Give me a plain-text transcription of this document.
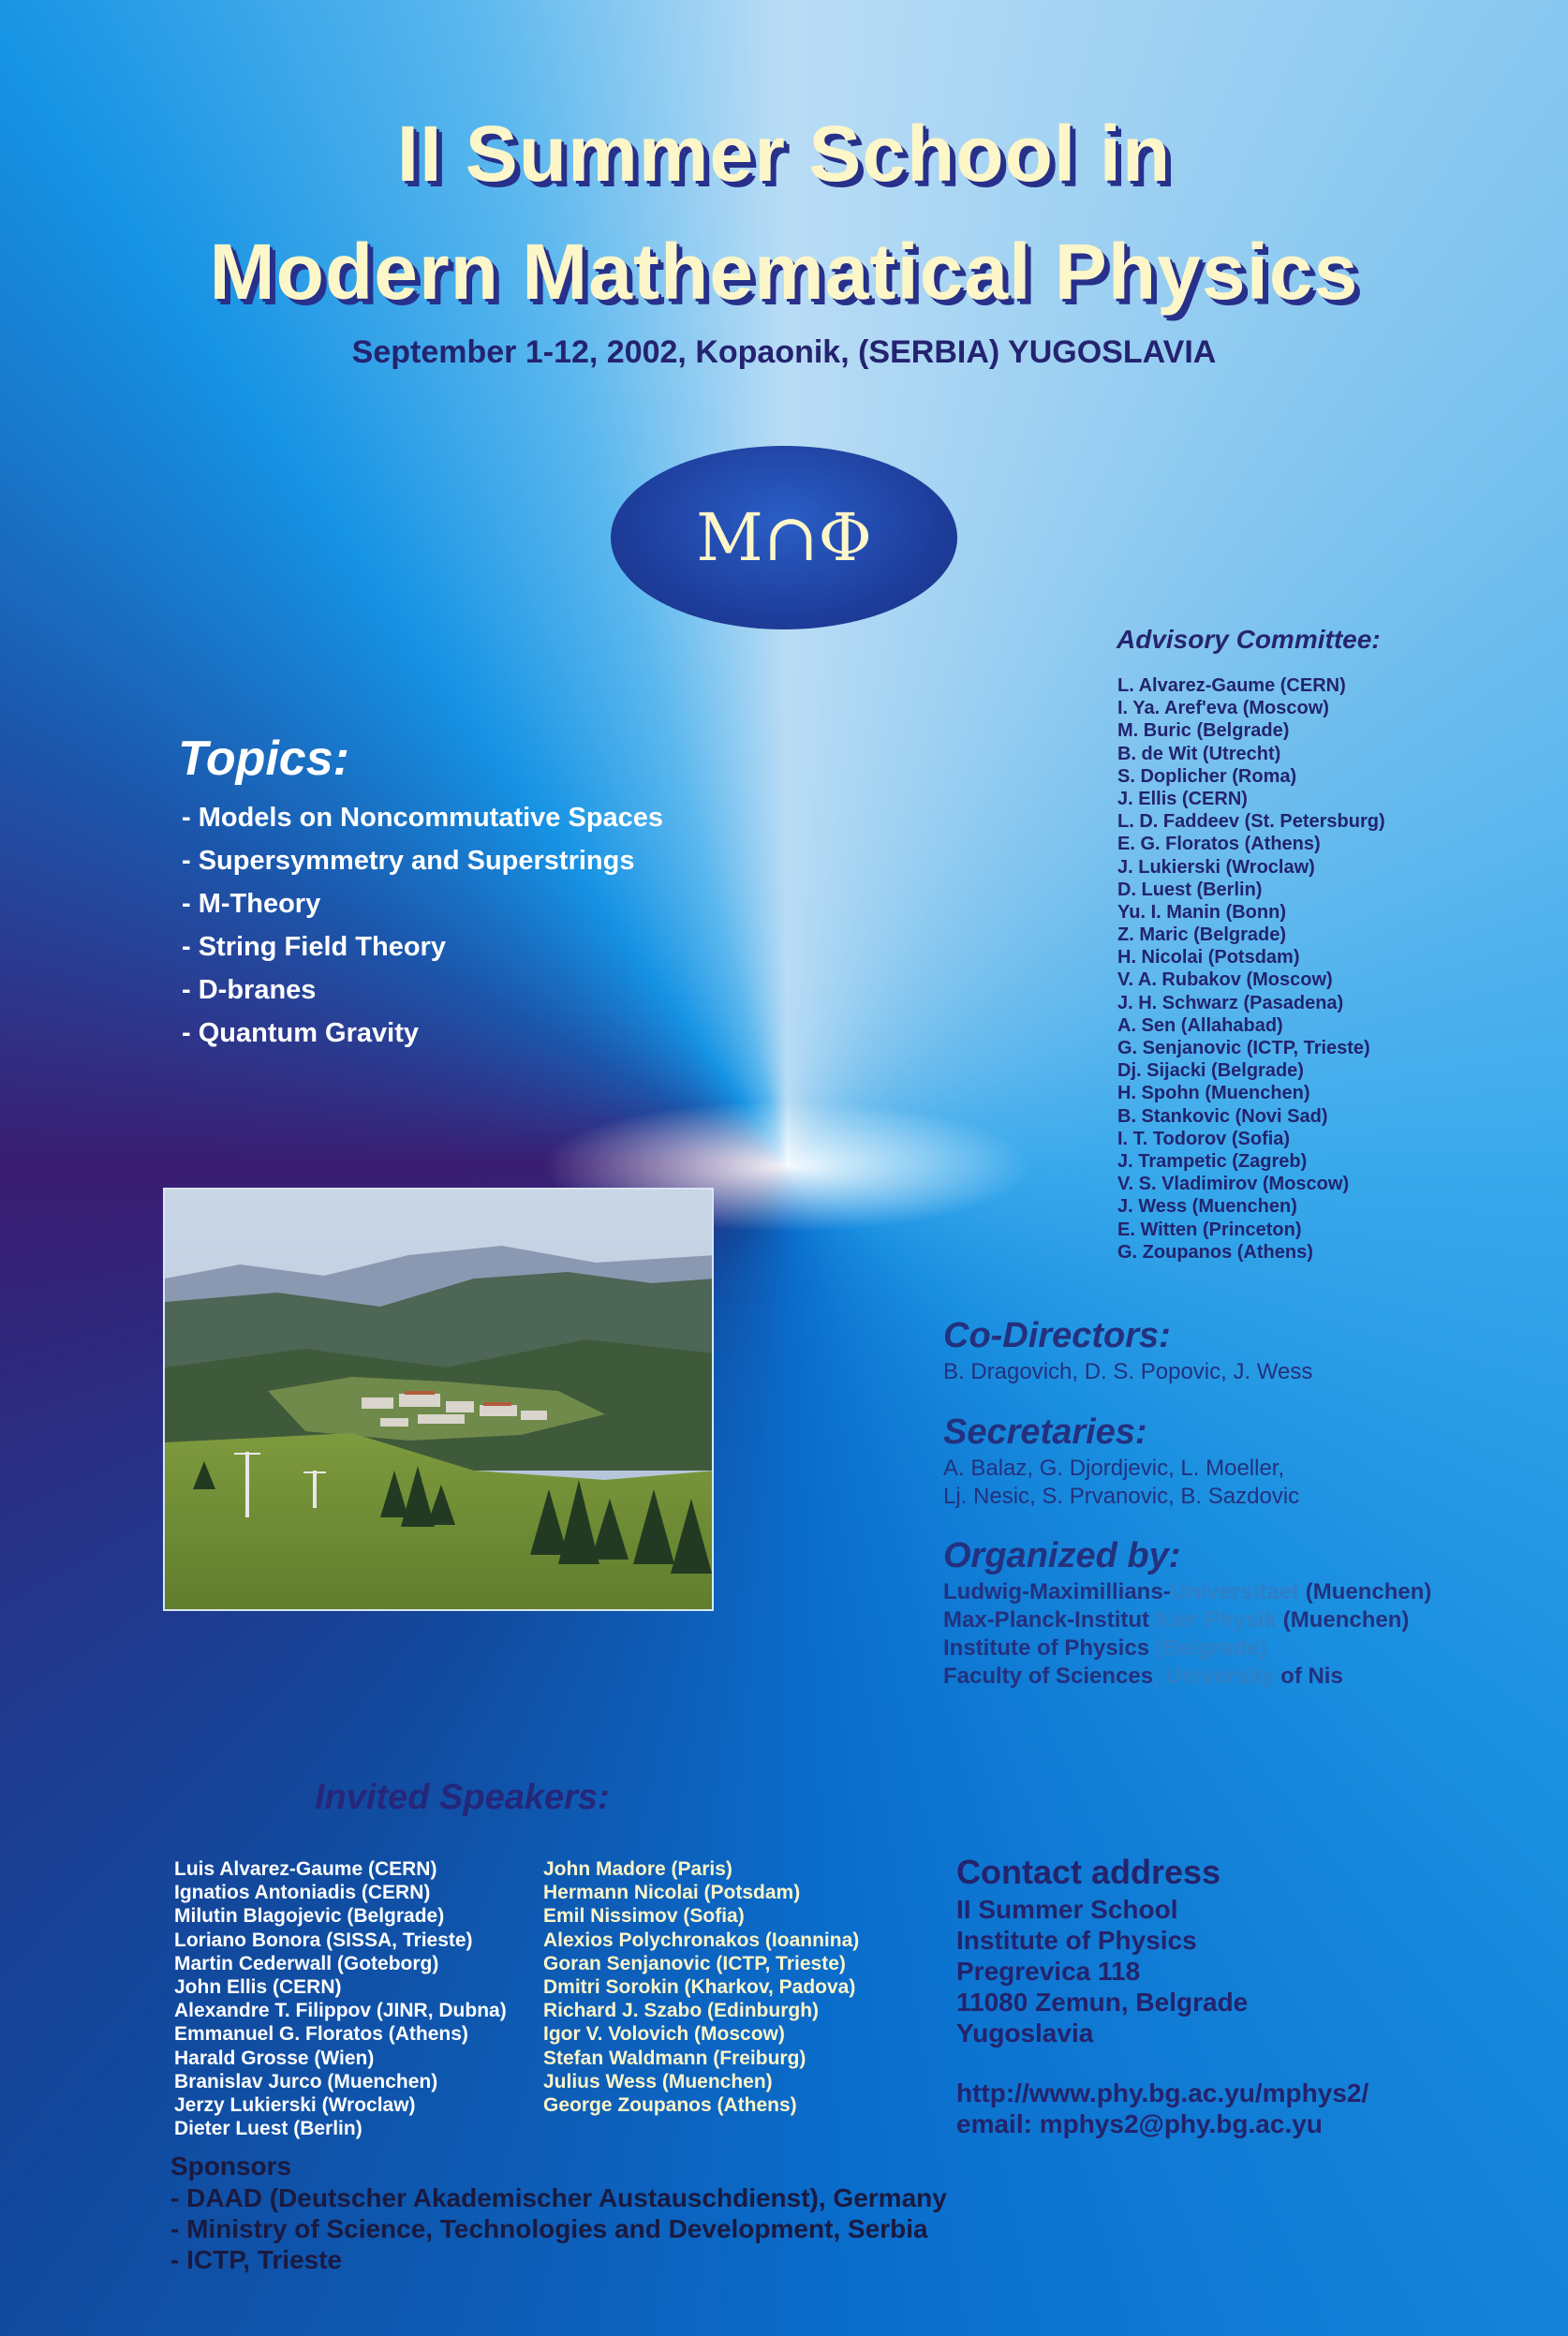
II Summer School in
Modern Mathematical Physics
September 1-12, 2002, Kopaonik, (SERBIA) YUGOSLAVIA
M∩Φ
Topics:
- Models on Noncommutative Spaces
- Supersymmetry and Superstrings
- M-Theory
- String Field Theory
- D-branes
- Quantum Gravity
Advisory Committee:
L. Alvarez-Gaume (CERN)
I. Ya. Aref'eva (Moscow)
M. Buric (Belgrade)
B. de Wit (Utrecht)
S. Doplicher (Roma)
J. Ellis (CERN)
L. D. Faddeev (St. Petersburg)
E. G. Floratos (Athens)
J. Lukierski (Wroclaw)
D. Luest (Berlin)
Yu. I. Manin (Bonn)
Z. Maric (Belgrade)
H. Nicolai (Potsdam)
V. A. Rubakov (Moscow)
J. H. Schwarz (Pasadena)
A. Sen (Allahabad)
G. Senjanovic (ICTP, Trieste)
Dj. Sijacki (Belgrade)
H. Spohn (Muenchen)
B. Stankovic (Novi Sad)
I. T. Todorov (Sofia)
J. Trampetic (Zagreb)
V. S. Vladimirov (Moscow)
J. Wess (Muenchen)
E. Witten (Princeton)
G. Zoupanos (Athens)
Co-Directors:
B. Dragovich, D. S. Popovic, J. Wess
Secretaries:
A. Balaz, G. Djordjevic, L. Moeller,
Lj. Nesic, S. Prvanovic, B. Sazdovic
Organized by:
Ludwig-Maximillians-Universitaet (Muenchen)
Max-Planck-Institut fuer Physik (Muenchen)
Institute of Physics (Belgrade)
Faculty of Sciences, University of Nis
Invited Speakers:
Luis Alvarez-Gaume (CERN)
Ignatios Antoniadis (CERN)
Milutin Blagojevic (Belgrade)
Loriano Bonora (SISSA, Trieste)
Martin Cederwall (Goteborg)
John Ellis (CERN)
Alexandre T. Filippov (JINR, Dubna)
Emmanuel G. Floratos (Athens)
Harald Grosse (Wien)
Branislav Jurco (Muenchen)
Jerzy Lukierski (Wroclaw)
Dieter Luest (Berlin)
John Madore (Paris)
Hermann Nicolai (Potsdam)
Emil Nissimov (Sofia)
Alexios Polychronakos (Ioannina)
Goran Senjanovic (ICTP, Trieste)
Dmitri Sorokin (Kharkov, Padova)
Richard J. Szabo (Edinburgh)
Igor V. Volovich (Moscow)
Stefan Waldmann (Freiburg)
Julius Wess (Muenchen)
George Zoupanos (Athens)
Contact address
II Summer School
Institute of Physics
Pregrevica 118
11080 Zemun, Belgrade
Yugoslavia
http://www.phy.bg.ac.yu/mphys2/
email: mphys2@phy.bg.ac.yu
Sponsors
- DAAD (Deutscher Akademischer Austauschdienst), Germany
- Ministry of Science, Technologies and Development, Serbia
- ICTP, Trieste
